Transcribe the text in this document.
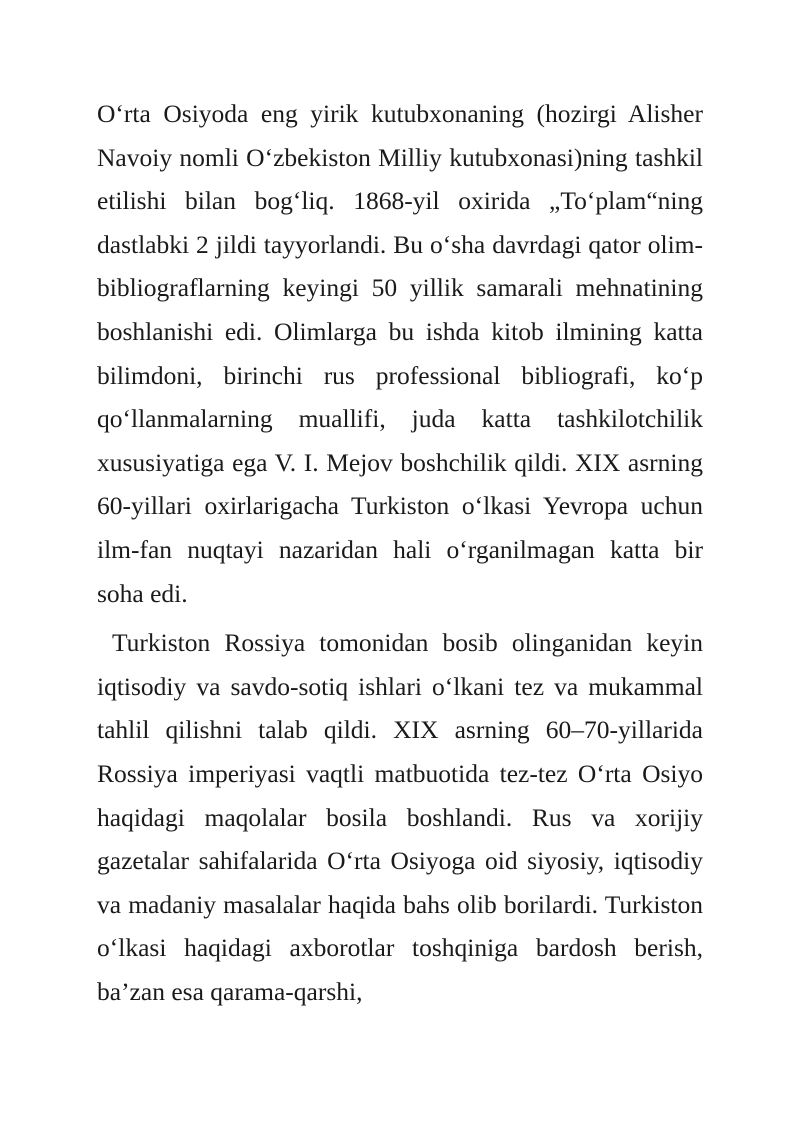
O‘rta Osiyoda eng yirik kutubxonaning (hozirgi Alisher Navoiy nomli O‘zbekiston Milliy kutubxonasi)ning tashkil etilishi bilan bog‘liq. 1868-yil oxirida „To‘plam“ning dastlabki 2 jildi tayyorlandi. Bu o‘sha davrdagi qator olim-bibliograflarning keyingi 50 yillik samarali mehnatining boshlanishi edi. Olimlarga bu ishda kitob ilmining katta bilimdoni, birinchi rus professional bibliografi, ko‘p qo‘llanmalarning muallifi, juda katta tashkilotchilik xususiyatiga ega V. I. Mejov boshchilik qildi. XIX asrning 60-yillari oxirlarigacha Turkiston o‘lkasi Yevropa uchun ilm-fan nuqtayi nazaridan hali o‘rganilmagan katta bir soha edi.

Turkiston Rossiya tomonidan bosib olinganidan keyin iqtisodiy va savdo-sotiq ishlari o‘lkani tez va mukammal tahlil qilishni talab qildi. XIX asrning 60–70-yillarida Rossiya imperiyasi vaqtli matbuotida tez-tez O‘rta Osiyo haqidagi maqolalar bosila boshlandi. Rus va xorijiy gazetalar sahifalarida O‘rta Osiyoga oid siyosiy, iqtisodiy va madaniy masalalar haqida bahs olib borilardi. Turkiston o‘lkasi haqidagi axborotlar toshqiniga bardosh berish, ba’zan esa qarama-qarshi,
